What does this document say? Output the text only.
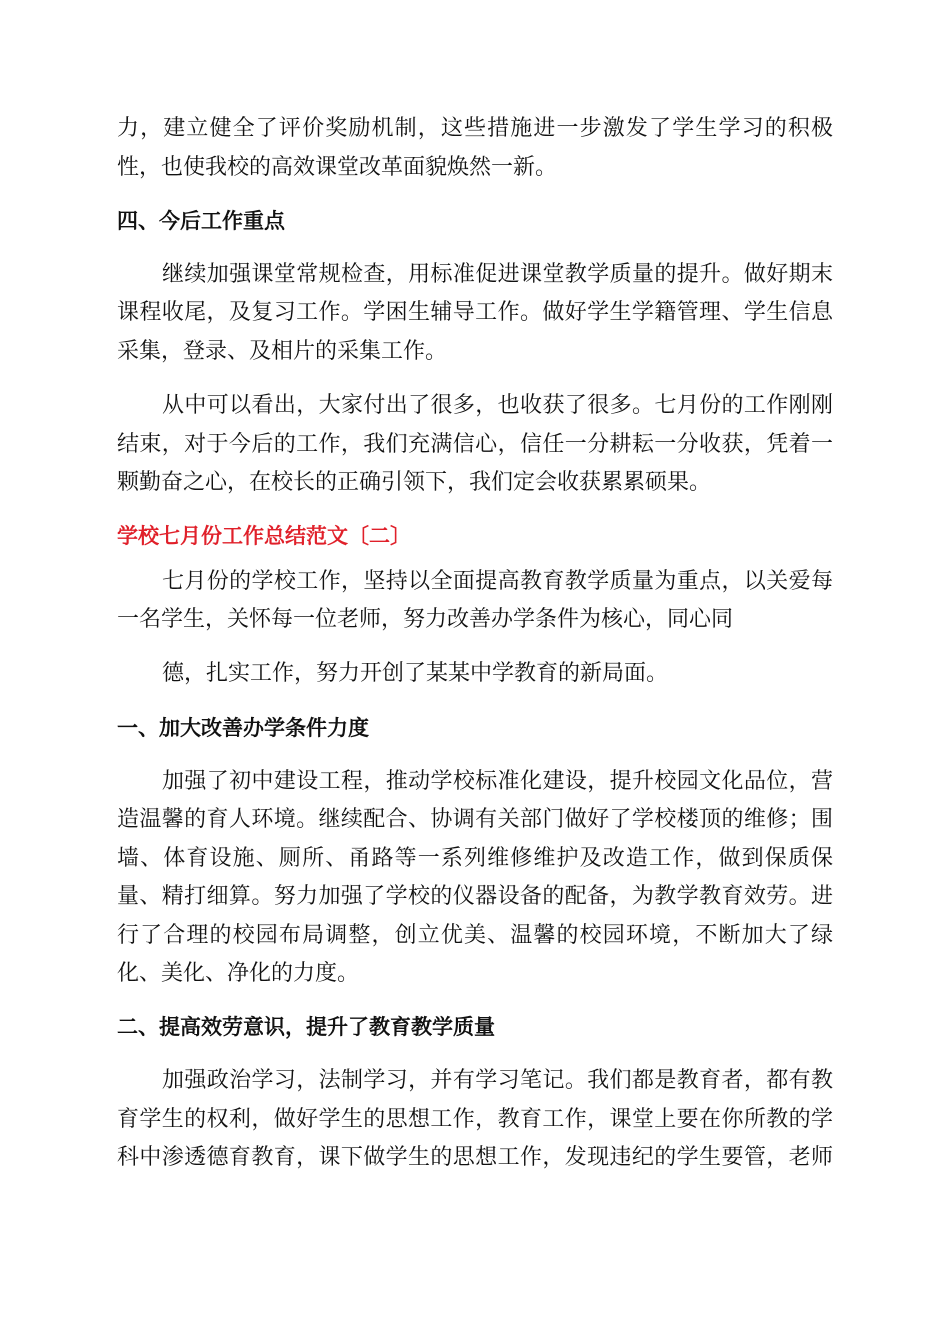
力，建立健全了评价奖励机制，这些措施进一步激发了学生学习的积极
性，也使我校的高效课堂改革面貌焕然一新。
四、今后工作重点
继续加强课堂常规检查，用标准促进课堂教学质量的提升。做好期末
课程收尾，及复习工作。学困生辅导工作。做好学生学籍管理、学生信息
采集，登录、及相片的采集工作。
从中可以看出，大家付出了很多，也收获了很多。七月份的工作刚刚
结束，对于今后的工作，我们充满信心，信任一分耕耘一分收获，凭着一
颗勤奋之心，在校长的正确引领下，我们定会收获累累硕果。
学校七月份工作总结范文〔二〕
七月份的学校工作，坚持以全面提高教育教学质量为重点，以关爱每
一名学生，关怀每一位老师，努力改善办学条件为核心，同心同
德，扎实工作，努力开创了某某中学教育的新局面。
一、加大改善办学条件力度
加强了初中建设工程，推动学校标准化建设，提升校园文化品位，营
造温馨的育人环境。继续配合、协调有关部门做好了学校楼顶的维修；围
墙、体育设施、厕所、甬路等一系列维修维护及改造工作，做到保质保
量、精打细算。努力加强了学校的仪器设备的配备，为教学教育效劳。进
行了合理的校园布局调整，创立优美、温馨的校园环境，不断加大了绿
化、美化、净化的力度。
二、提高效劳意识，提升了教育教学质量
加强政治学习，法制学习，并有学习笔记。我们都是教育者，都有教
育学生的权利，做好学生的思想工作，教育工作，课堂上要在你所教的学
科中渗透德育教育，课下做学生的思想工作，发现违纪的学生要管，老师
